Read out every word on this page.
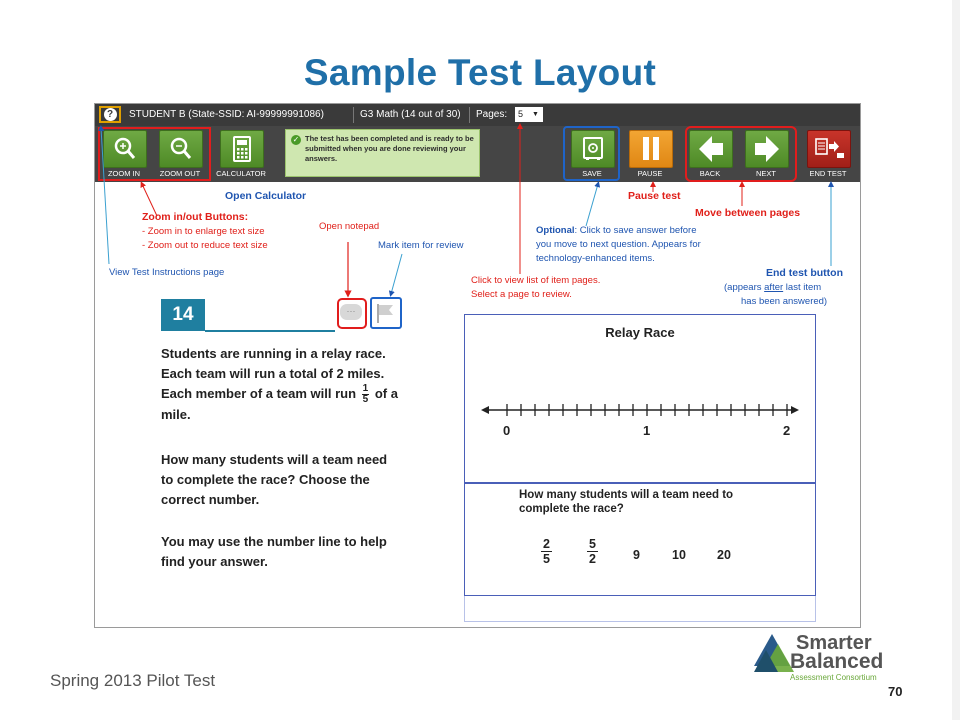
Sample Test Layout
?	STUDENT B (State-SSID: AI-99999991086)	G3 Math (14 out of 30) Pages:	5 ▼
ZOOM IN	ZOOM OUT	CALCULATOR
✓ The test has been completed and is ready to be submitted when you are done reviewing your answers.
SAVE	PAUSE	BACK	NEXT	END TEST
Open Calculator
Zoom in/out Buttons:
- Zoom in to enlarge text size
- Zoom out to reduce text size
View Test Instructions page
Open notepad
Mark item for review
Click to view list of item pages.
Select a page to review.
Optional: Click to save answer before
you move to next question. Appears for
technology-enhanced items.
Pause test
Move between pages
End test button
(appears after last item
has been answered)
14	···
Students are running in a relay race. Each team will run a total of 2 miles. Each member of a team will run $\frac{1}{5}$ of a mile.
How many students will a team need to complete the race? Choose the correct number.
You may use the number line to help find your answer.
Relay Race
0	1	2
How many students will a team need to complete the race?
$\frac{2}{5}$	$\frac{5}{2}$	9	10 20
Spring 2013 Pilot Test
Smarter
Balanced
Assessment Consortium
70
